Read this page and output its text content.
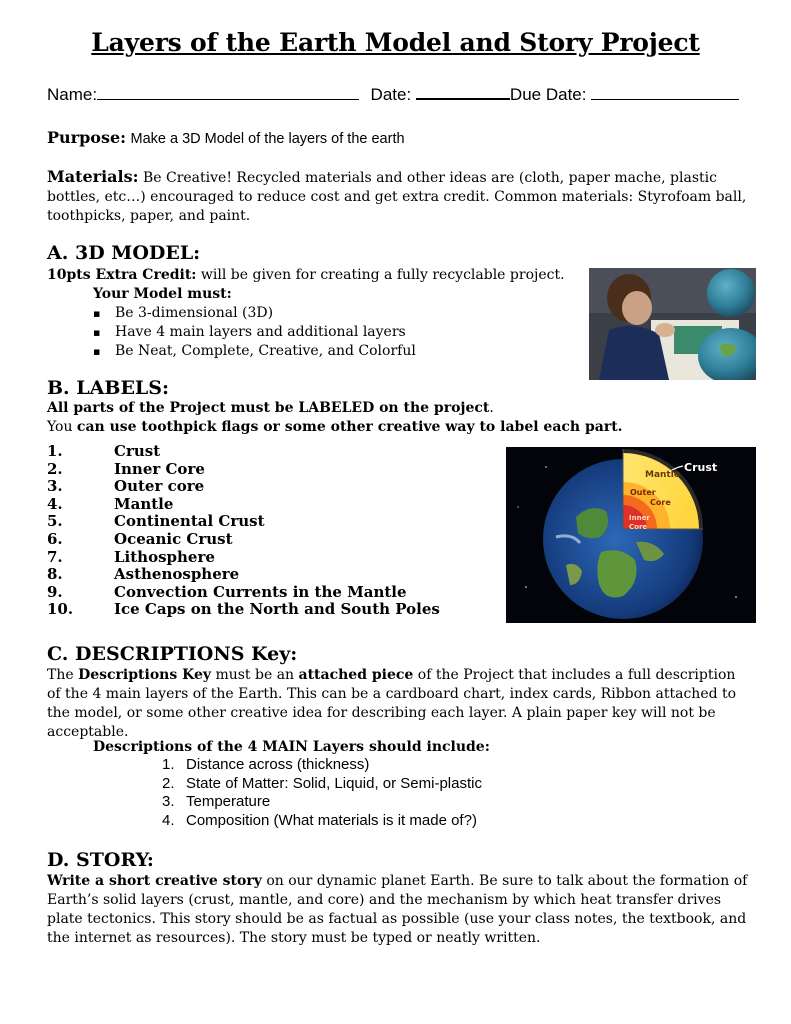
Layers of the Earth Model and Story Project
Name:	Date:	Due Date:
Purpose: Make a 3D Model of the layers of the earth
Materials: Be Creative! Recycled materials and other ideas are (cloth, paper mache, plastic bottles, etc…) encouraged to reduce cost and get extra credit. Common materials: Styrofoam ball, toothpicks, paper, and paint.
A. 3D MODEL:
10pts Extra Credit: will be given for creating a fully recyclable project.
Your Model must:
▪ Be 3-dimensional (3D)
▪ Have 4 main layers and additional layers
▪ Be Neat, Complete, Creative, and Colorful
B. LABELS:
All parts of the Project must be LABELED on the project.
You can use toothpick flags or some other creative way to label each part.
1.	Crust
2.	Inner Core
3.	Outer core
4.	Mantle
5.	Continental Crust
6.	Oceanic Crust
7.	Lithosphere
8.	Asthenosphere
9.	Convection Currents in the Mantle
10.	Ice Caps on the North and South Poles
Crust
Mantle
Outer
Core
Inner
Core
C. DESCRIPTIONS Key:
The Descriptions Key must be an attached piece of the Project that includes a full description of the 4 main layers of the Earth. This can be a cardboard chart, index cards, Ribbon attached to the model, or some other creative idea for describing each layer. A plain paper key will not be acceptable.
Descriptions of the 4 MAIN Layers should include:
1. Distance across (thickness)
2. State of Matter: Solid, Liquid, or Semi-plastic
3. Temperature
4. Composition (What materials is it made of?)
D. STORY:
Write a short creative story on our dynamic planet Earth. Be sure to talk about the formation of Earth’s solid layers (crust, mantle, and core) and the mechanism by which heat transfer drives plate tectonics. This story should be as factual as possible (use your class notes, the textbook, and the internet as resources). The story must be typed or neatly written.
